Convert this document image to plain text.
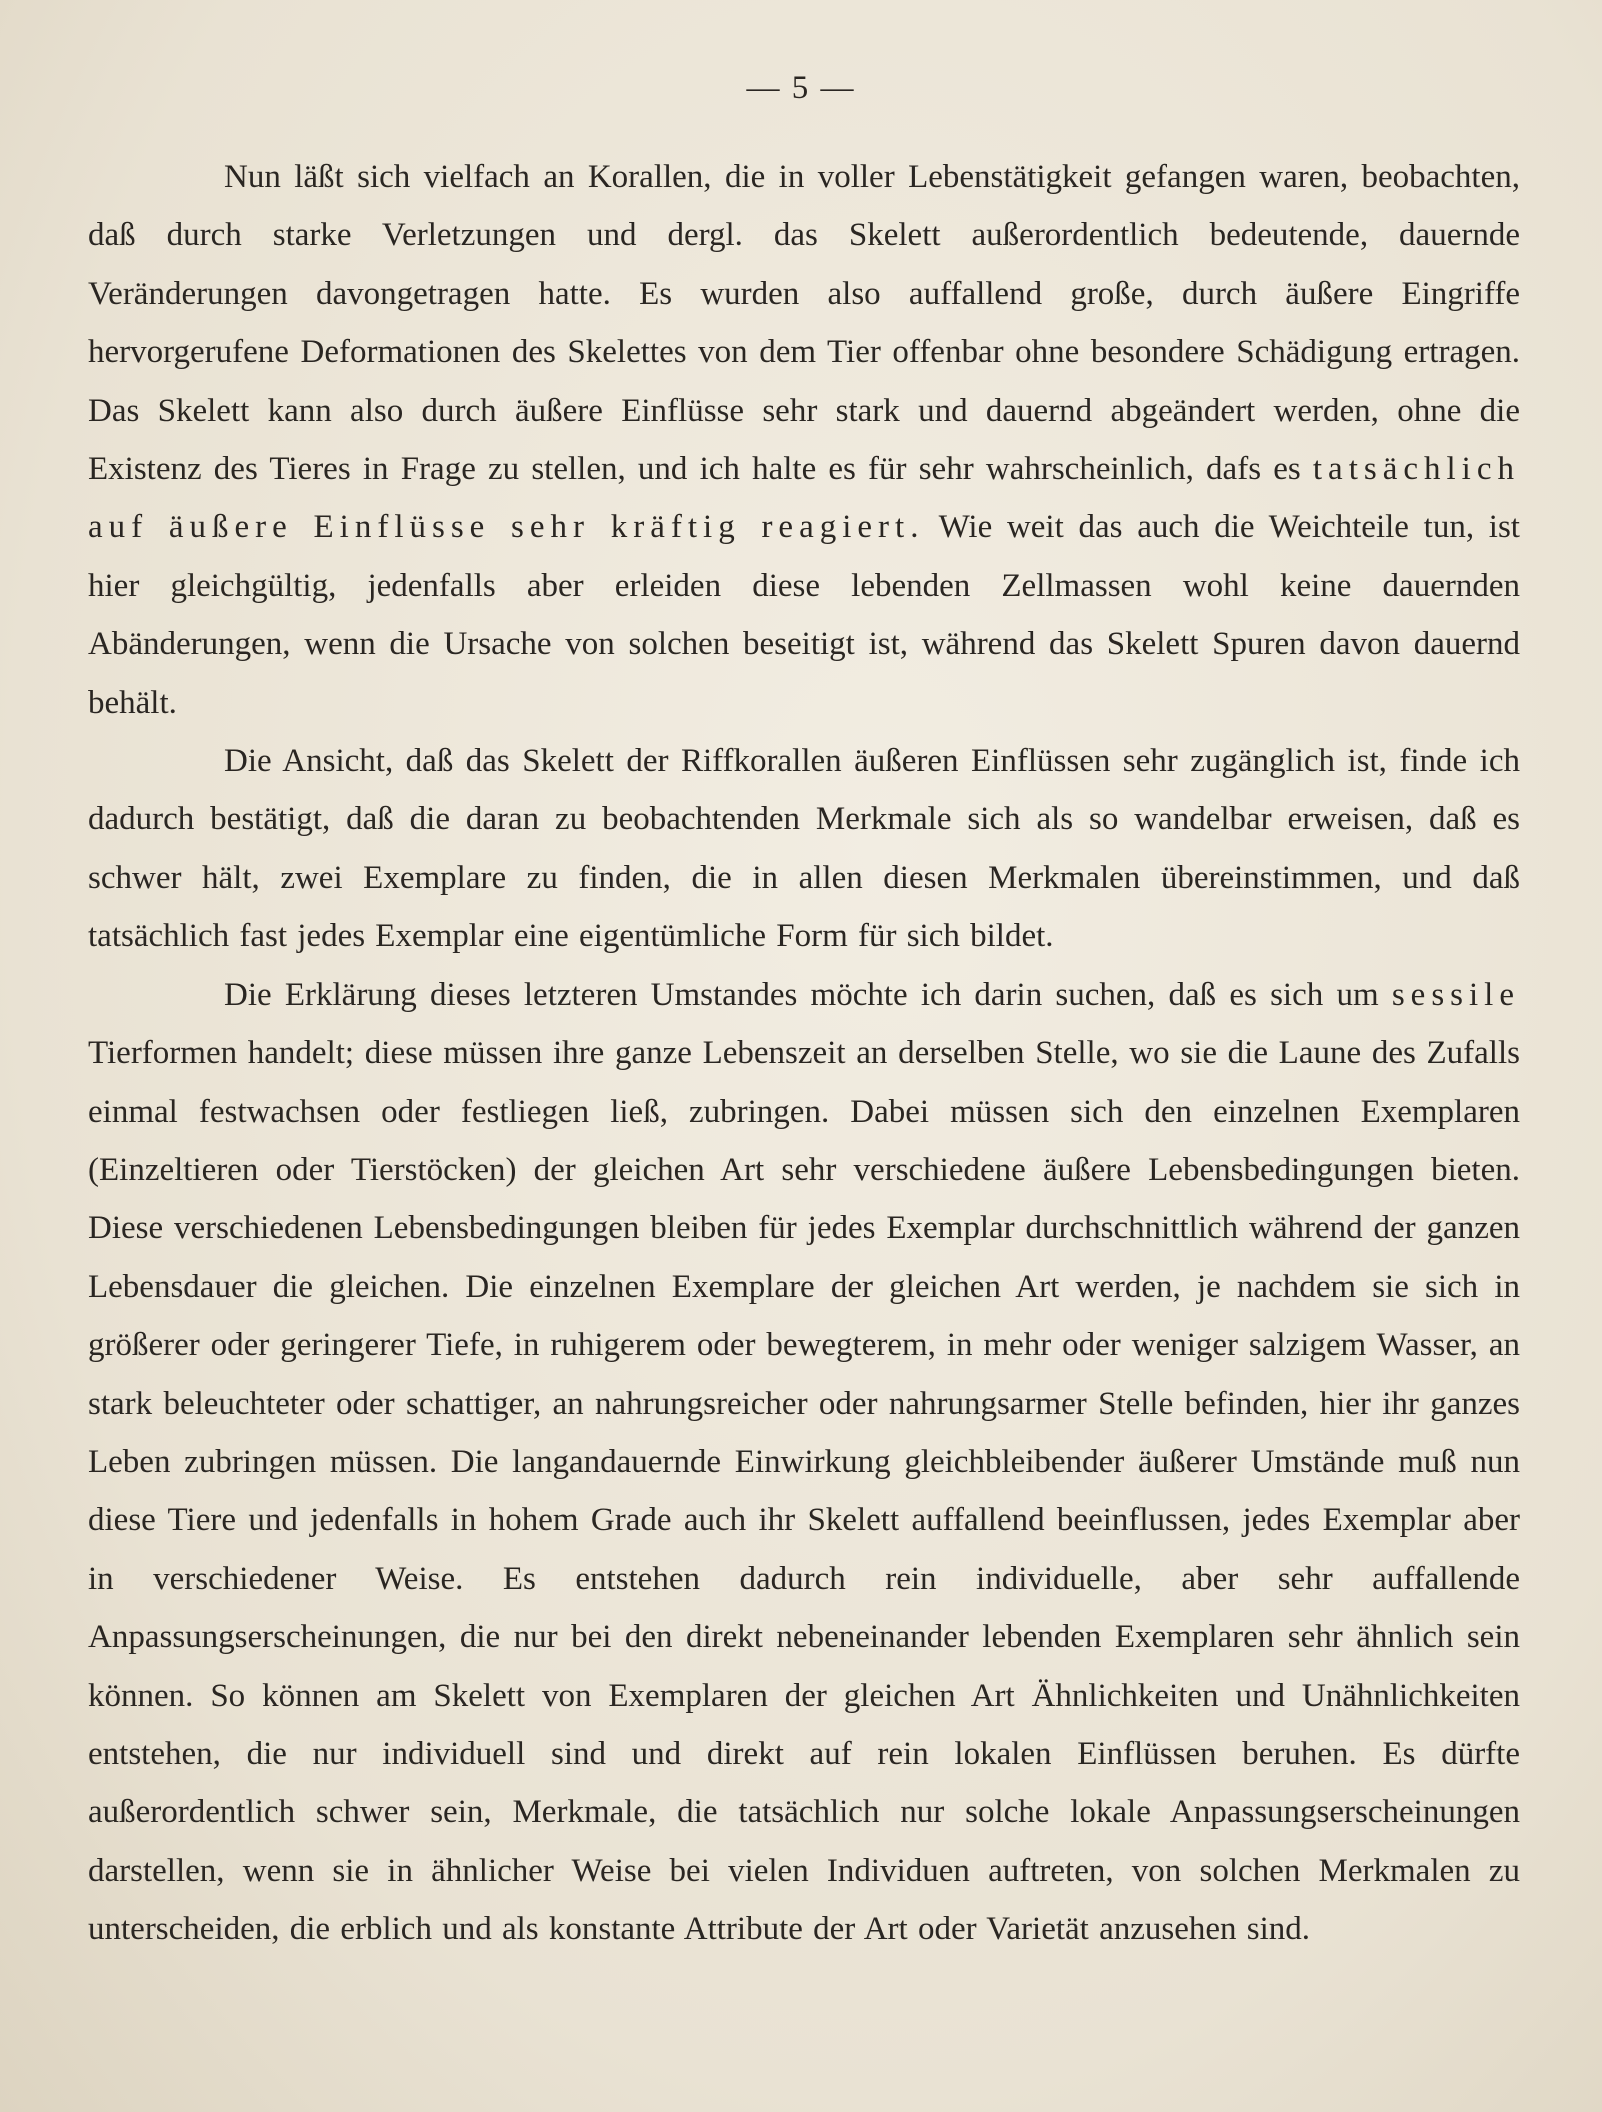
— 5 —

Nun läßt sich vielfach an Korallen, die in voller Lebenstätigkeit gefangen waren, beobachten, daß durch starke Verletzungen und dergl. das Skelett außerordentlich bedeutende, dauernde Veränderungen davongetragen hatte. Es wurden also auffallend große, durch äußere Eingriffe hervorgerufene Deformationen des Skelettes von dem Tier offenbar ohne besondere Schädigung ertragen. Das Skelett kann also durch äußere Einflüsse sehr stark und dauernd abgeändert werden, ohne die Existenz des Tieres in Frage zu stellen, und ich halte es für sehr wahrscheinlich, dafs es tatsächlich auf äußere Einflüsse sehr kräftig reagiert. Wie weit das auch die Weichteile tun, ist hier gleichgültig, jedenfalls aber erleiden diese lebenden Zellmassen wohl keine dauernden Abänderungen, wenn die Ursache von solchen beseitigt ist, während das Skelett Spuren davon dauernd behält.

Die Ansicht, daß das Skelett der Riffkorallen äußeren Einflüssen sehr zugänglich ist, finde ich dadurch bestätigt, daß die daran zu beobachtenden Merkmale sich als so wandelbar erweisen, daß es schwer hält, zwei Exemplare zu finden, die in allen diesen Merkmalen übereinstimmen, und daß tatsächlich fast jedes Exemplar eine eigentümliche Form für sich bildet.

Die Erklärung dieses letzteren Umstandes möchte ich darin suchen, daß es sich um sessile Tierformen handelt; diese müssen ihre ganze Lebenszeit an derselben Stelle, wo sie die Laune des Zufalls einmal festwachsen oder festliegen ließ, zubringen. Dabei müssen sich den einzelnen Exemplaren (Einzeltieren oder Tierstöcken) der gleichen Art sehr verschiedene äußere Lebensbedingungen bieten. Diese verschiedenen Lebensbedingungen bleiben für jedes Exemplar durchschnittlich während der ganzen Lebensdauer die gleichen. Die einzelnen Exemplare der gleichen Art werden, je nachdem sie sich in größerer oder geringerer Tiefe, in ruhigerem oder bewegterem, in mehr oder weniger salzigem Wasser, an stark beleuchteter oder schattiger, an nahrungsreicher oder nahrungsarmer Stelle befinden, hier ihr ganzes Leben zubringen müssen. Die langandauernde Einwirkung gleichbleibender äußerer Umstände muß nun diese Tiere und jedenfalls in hohem Grade auch ihr Skelett auffallend beeinflussen, jedes Exemplar aber in verschiedener Weise. Es entstehen dadurch rein individuelle, aber sehr auffallende Anpassungserscheinungen, die nur bei den direkt nebeneinander lebenden Exemplaren sehr ähnlich sein können. So können am Skelett von Exemplaren der gleichen Art Ähnlichkeiten und Unähnlichkeiten entstehen, die nur individuell sind und direkt auf rein lokalen Einflüssen beruhen. Es dürfte außerordentlich schwer sein, Merkmale, die tatsächlich nur solche lokale Anpassungserscheinungen darstellen, wenn sie in ähnlicher Weise bei vielen Individuen auftreten, von solchen Merkmalen zu unterscheiden, die erblich und als konstante Attribute der Art oder Varietät anzusehen sind.
